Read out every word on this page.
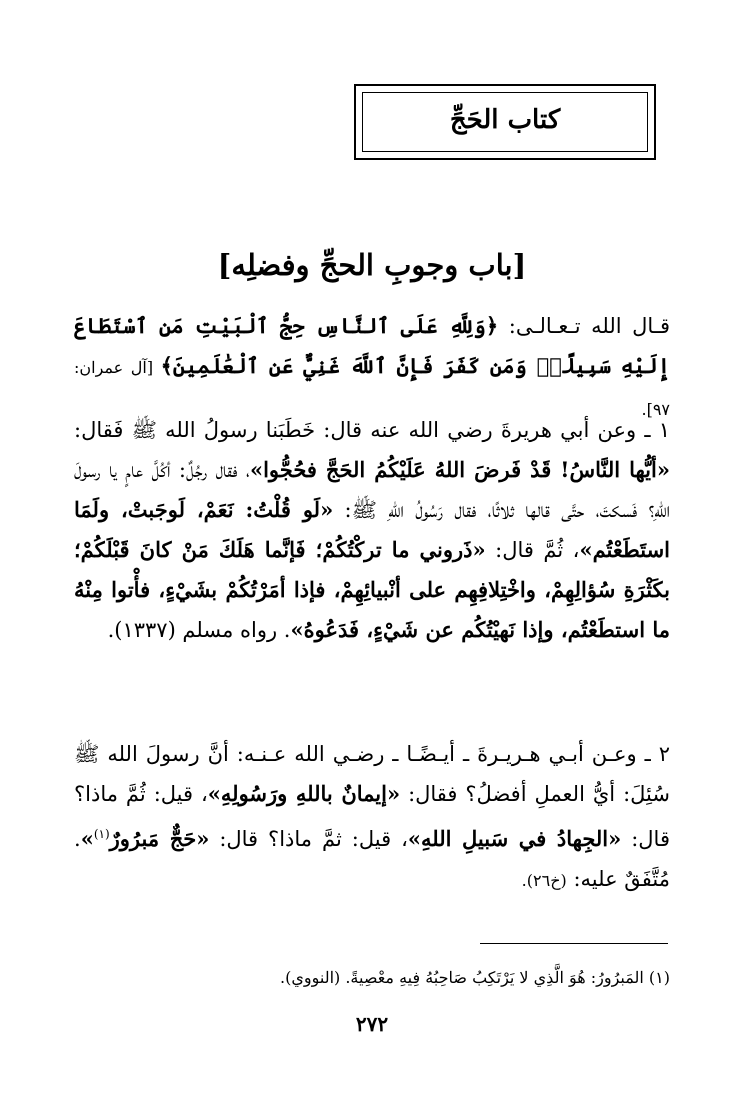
كتاب الحَجِّ
[باب وجوبِ الحجِّ وفضلِه]
قـال الله تـعـالـى: ﴿وَلِلَّهِ عَلَى ٱلنَّاسِ حِجُّ ٱلْبَيْتِ مَنِ ٱسْتَطَاعَ إِلَيْهِ سَبِيلًاۚ وَمَن كَفَرَ فَإِنَّ ٱللَّهَ غَنِيٌّ عَنِ ٱلْعَٰلَمِينَ﴾ [آل عمران: ٩٧].
١ ـ وعن أبي هريرةَ رضي الله عنه قال: خَطَبَنا رسولُ الله ﷺ فَقال: «أيُّها النَّاسُ! قَدْ فَرضَ اللهُ عَلَيْكُمُ الحَجَّ فحُجُّوا»، فقال رجُلٌ: أكُلَّ عامٍ يا رسولَ اللهِ؟ فَسكتَ، حتَّى قالها ثلاثًا، فقال رَسُولُ اللهِ ﷺ: «لَو قُلْتُ: نَعَمْ، لَوجَبتْ، ولَمَا استَطَعْتُم»، ثُمَّ قال: «ذَروني ما تركْتُكُمْ؛ فَإنَّما هَلَكَ مَنْ كانَ قَبْلَكُمْ؛ بكَثْرَةِ سُؤالِهِمْ، واخْتِلافِهِم على أنْبيائِهِمْ، فإذا أمَرْتُكُمْ بشَيْءٍ، فأْتوا مِنْهُ ما استطَعْتُم، وإذا نَهيْتُكُم عن شَيْءٍ، فَدَعُوهُ». رواه مسلم (١٣٣٧).
٢ ـ وعـن أبـي هـريـرةَ ـ أيـضًـا ـ رضـي الله عـنـه: أنَّ رسولَ الله ﷺ سُئِلَ: أيُّ العملِ أفضلُ؟ فقال: «إيمانٌ باللهِ ورَسُولِهِ»، قيل: ثُمَّ ماذا؟ قال: «الجِهادُ في سَبيلِ اللهِ»، قيل: ثمَّ ماذا؟ قال: «حَجٌّ مَبرُورٌ$^{(١)}$». مُتَّفَقٌ عليه: (خ٢٦).
(١) المَبرُورُ: هُوَ الَّذِي لا يَرْتَكِبُ صَاحِبُهُ فِيهِ معْصِيةً. (النووي).
٢٧٢
